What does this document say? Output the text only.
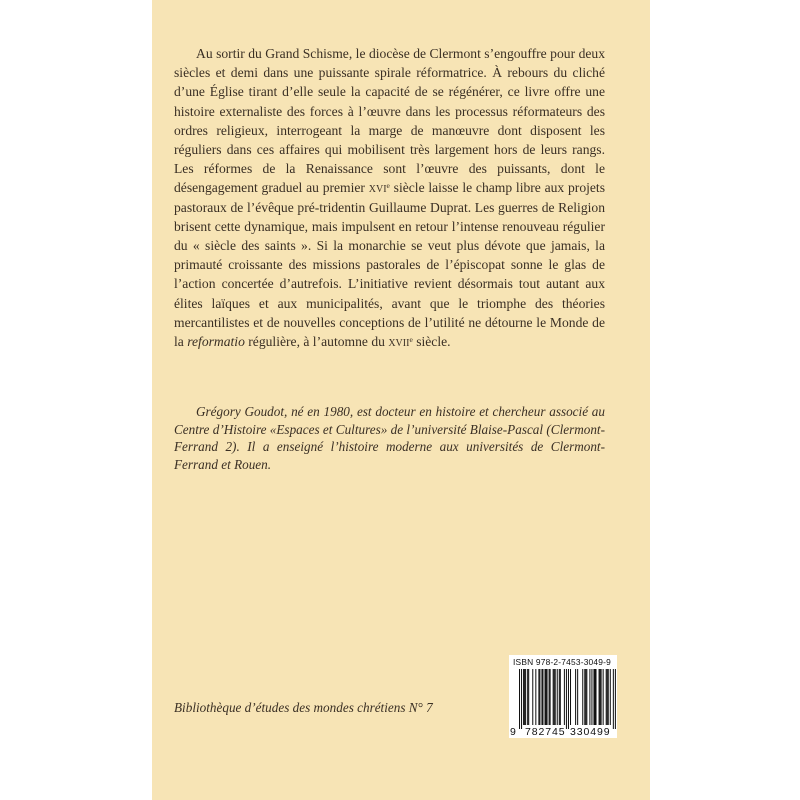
Au sortir du Grand Schisme, le diocèse de Clermont s’engouffre pour deux siècles et demi dans une puissante spirale réformatrice. À rebours du cliché d’une Église tirant d’elle seule la capacité de se régénérer, ce livre offre une histoire externaliste des forces à l’œuvre dans les processus réformateurs des ordres religieux, interrogeant la marge de manœuvre dont disposent les réguliers dans ces affaires qui mobilisent très largement hors de leurs rangs. Les réformes de la Renaissance sont l’œuvre des puissants, dont le désengagement graduel au premier xvi$^e$ siècle laisse le champ libre aux projets pastoraux de l’évêque pré-tridentin Guillaume Duprat. Les guerres de Religion brisent cette dynamique, mais impulsent en retour l’intense renouveau régulier du « siècle des saints ». Si la monarchie se veut plus dévote que jamais, la primauté croissante des missions pastorales de l’épiscopat sonne le glas de l’action concertée d’autrefois. L’initiative revient désormais tout autant aux élites laïques et aux municipalités, avant que le triomphe des théories mercantilistes et de nouvelles conceptions de l’utilité ne détourne le Monde de la reformatio régulière, à l’automne du xvii$^e$ siècle.

Grégory Goudot, né en 1980, est docteur en histoire et chercheur associé au Centre d’Histoire «Espaces et Cultures» de l’université Blaise-Pascal (Clermont-Ferrand 2). Il a enseigné l’histoire moderne aux universités de Clermont-Ferrand et Rouen.

Bibliothèque d’études des mondes chrétiens N° 7
ISBN 978-2-7453-3049-9
9 782745 330499
